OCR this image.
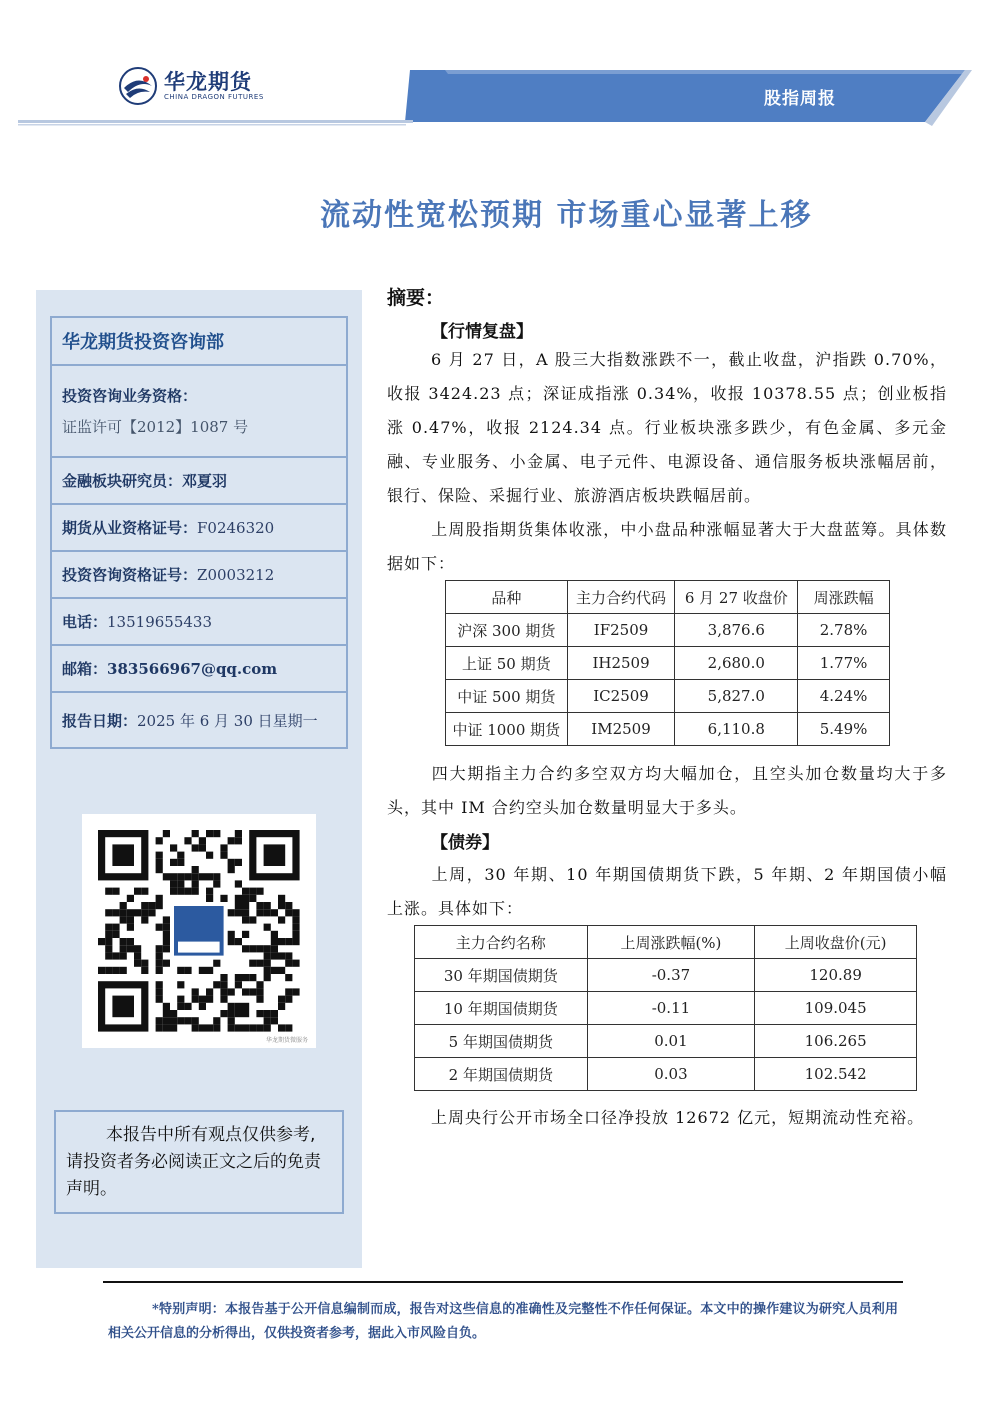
华龙期货
CHINA DRAGON FUTURES	股指周报
流动性宽松预期 市场重心显著上移
华龙期货投资咨询部
投资咨询业务资格：
证监许可【2012】1087 号
金融板块研究员： 邓夏羽
期货从业资格证号： F0246320
投资咨询资格证号： Z0003212
电话： 13519655433
邮箱： 383566967@qq.com
报告日期： 2025 年 6 月 30 日星期一
华龙期货微服务
本报告中所有观点仅供参考,请投资者务必阅读正文之后的免责声明。
摘要：
【行情复盘】
6 月 27 日，A 股三大指数涨跌不一，截止收盘，沪指跌 0.70%，收报 3424.23 点；深证成指涨 0.34%，收报 10378.55 点；创业板指涨 0.47%，收报 2124.34 点。行业板块涨多跌少，有色金属、多元金融、专业服务、小金属、电子元件、电源设备、通信服务板块涨幅居前，银行、保险、采掘行业、旅游酒店板块跌幅居前。
上周股指期货集体收涨，中小盘品种涨幅显著大于大盘蓝筹。具体数据如下：
品种	主力合约代码	6 月 27 收盘价	周涨跌幅
沪深 300 期货	IF2509	3,876.6	2.78%
上证 50 期货	IH2509	2,680.0	1.77%
中证 500 期货	IC2509	5,827.0	4.24%
中证 1000 期货	IM2509	6,110.8	5.49%
四大期指主力合约多空双方均大幅加仓，且空头加仓数量均大于多头，其中 IM 合约空头加仓数量明显大于多头。
【债券】
上周，30 年期、10 年期国债期货下跌，5 年期、2 年期国债小幅上涨。具体如下：
主力合约名称	上周涨跌幅(%)	上周收盘价(元)
30 年期国债期货	-0.37	120.89
10 年期国债期货	-0.11	109.045
5 年期国债期货	0.01	106.265
2 年期国债期货	0.03	102.542
上周央行公开市场全口径净投放 12672 亿元，短期流动性充裕。
*特别声明：本报告基于公开信息编制而成，报告对这些信息的准确性及完整性不作任何保证。本文中的操作建议为研究人员利用相关公开信息的分析得出，仅供投资者参考，据此入市风险自负。
